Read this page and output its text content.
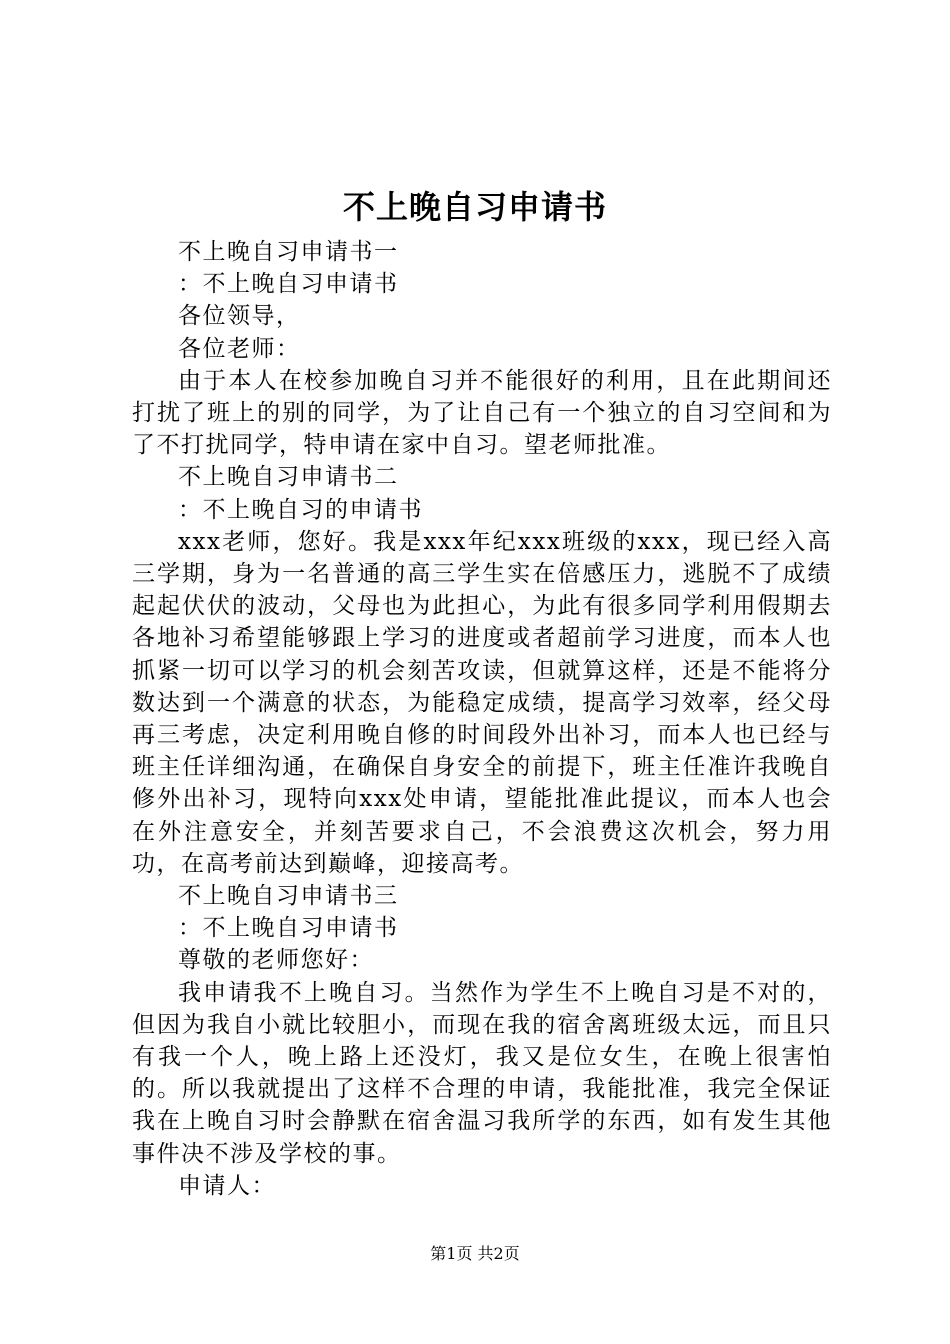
不上晚自习申请书
不上晚自习申请书一
：不上晚自习申请书
各位领导，
各位老师：
由于本人在校参加晚自习并不能很好的利用，且在此期间还打扰了班上的别的同学，为了让自己有一个独立的自习空间和为了不打扰同学，特申请在家中自习。望老师批准。
不上晚自习申请书二
：不上晚自习的申请书
xxx老师，您好。我是xxx年纪xxx班级的xxx，现已经入高三学期，身为一名普通的高三学生实在倍感压力，逃脱不了成绩起起伏伏的波动，父母也为此担心，为此有很多同学利用假期去各地补习希望能够跟上学习的进度或者超前学习进度，而本人也抓紧一切可以学习的机会刻苦攻读，但就算这样，还是不能将分数达到一个满意的状态，为能稳定成绩，提高学习效率，经父母再三考虑，决定利用晚自修的时间段外出补习，而本人也已经与班主任详细沟通，在确保自身安全的前提下，班主任准许我晚自修外出补习，现特向xxx处申请，望能批准此提议，而本人也会在外注意安全，并刻苦要求自己，不会浪费这次机会，努力用功，在高考前达到巅峰，迎接高考。
不上晚自习申请书三
：不上晚自习申请书
尊敬的老师您好：
我申请我不上晚自习。当然作为学生不上晚自习是不对的，但因为我自小就比较胆小，而现在我的宿舍离班级太远，而且只有我一个人，晚上路上还没灯，我又是位女生，在晚上很害怕的。所以我就提出了这样不合理的申请，我能批准，我完全保证我在上晚自习时会静默在宿舍温习我所学的东西，如有发生其他事件决不涉及学校的事。
申请人：
第1页 共2页
